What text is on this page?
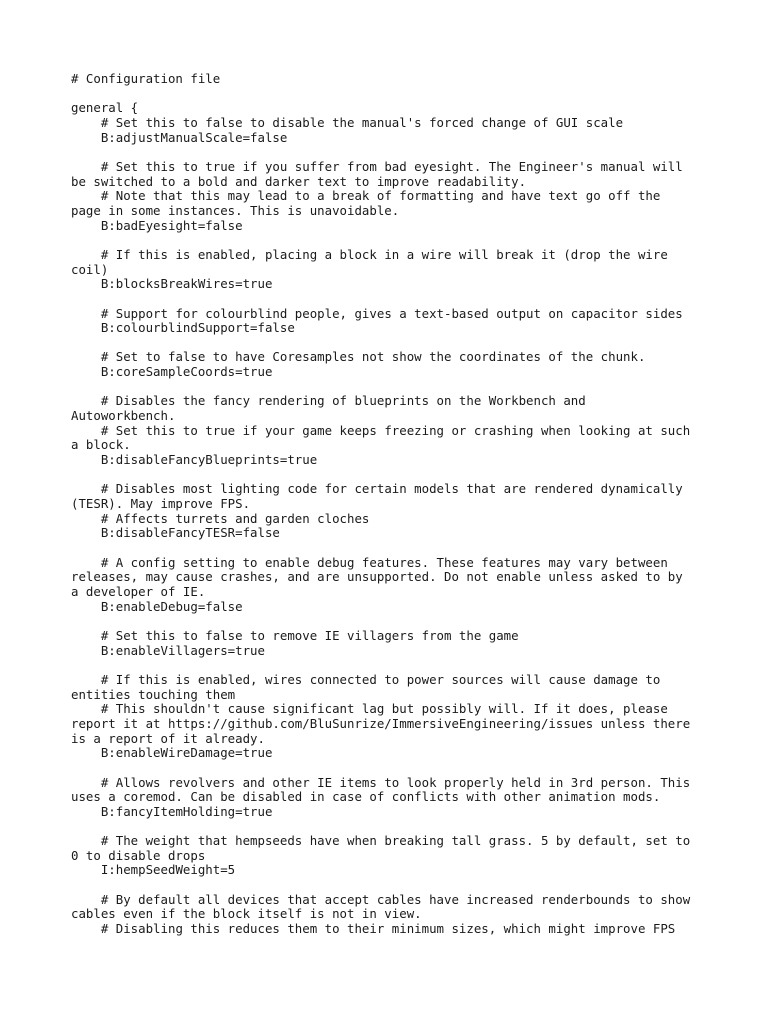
# Configuration file
general {
# Set this to false to disable the manual's forced change of GUI scale
B:adjustManualScale=false
# Set this to true if you suffer from bad eyesight. The Engineer's manual will
be switched to a bold and darker text to improve readability.
# Note that this may lead to a break of formatting and have text go off the
page in some instances. This is unavoidable.
B:badEyesight=false
# If this is enabled, placing a block in a wire will break it (drop the wire
coil)
B:blocksBreakWires=true
# Support for colourblind people, gives a text-based output on capacitor sides
B:colourblindSupport=false
# Set to false to have Coresamples not show the coordinates of the chunk.
B:coreSampleCoords=true
# Disables the fancy rendering of blueprints on the Workbench and
Autoworkbench.
# Set this to true if your game keeps freezing or crashing when looking at such
a block.
B:disableFancyBlueprints=true
# Disables most lighting code for certain models that are rendered dynamically
(TESR). May improve FPS.
# Affects turrets and garden cloches
B:disableFancyTESR=false
# A config setting to enable debug features. These features may vary between
releases, may cause crashes, and are unsupported. Do not enable unless asked to by
a developer of IE.
B:enableDebug=false
# Set this to false to remove IE villagers from the game
B:enableVillagers=true
# If this is enabled, wires connected to power sources will cause damage to
entities touching them
# This shouldn't cause significant lag but possibly will. If it does, please
report it at https://github.com/BluSunrize/ImmersiveEngineering/issues unless there
is a report of it already.
B:enableWireDamage=true
# Allows revolvers and other IE items to look properly held in 3rd person. This
uses a coremod. Can be disabled in case of conflicts with other animation mods.
B:fancyItemHolding=true
# The weight that hempseeds have when breaking tall grass. 5 by default, set to
0 to disable drops
I:hempSeedWeight=5
# By default all devices that accept cables have increased renderbounds to show
cables even if the block itself is not in view.
# Disabling this reduces them to their minimum sizes, which might improve FPS
